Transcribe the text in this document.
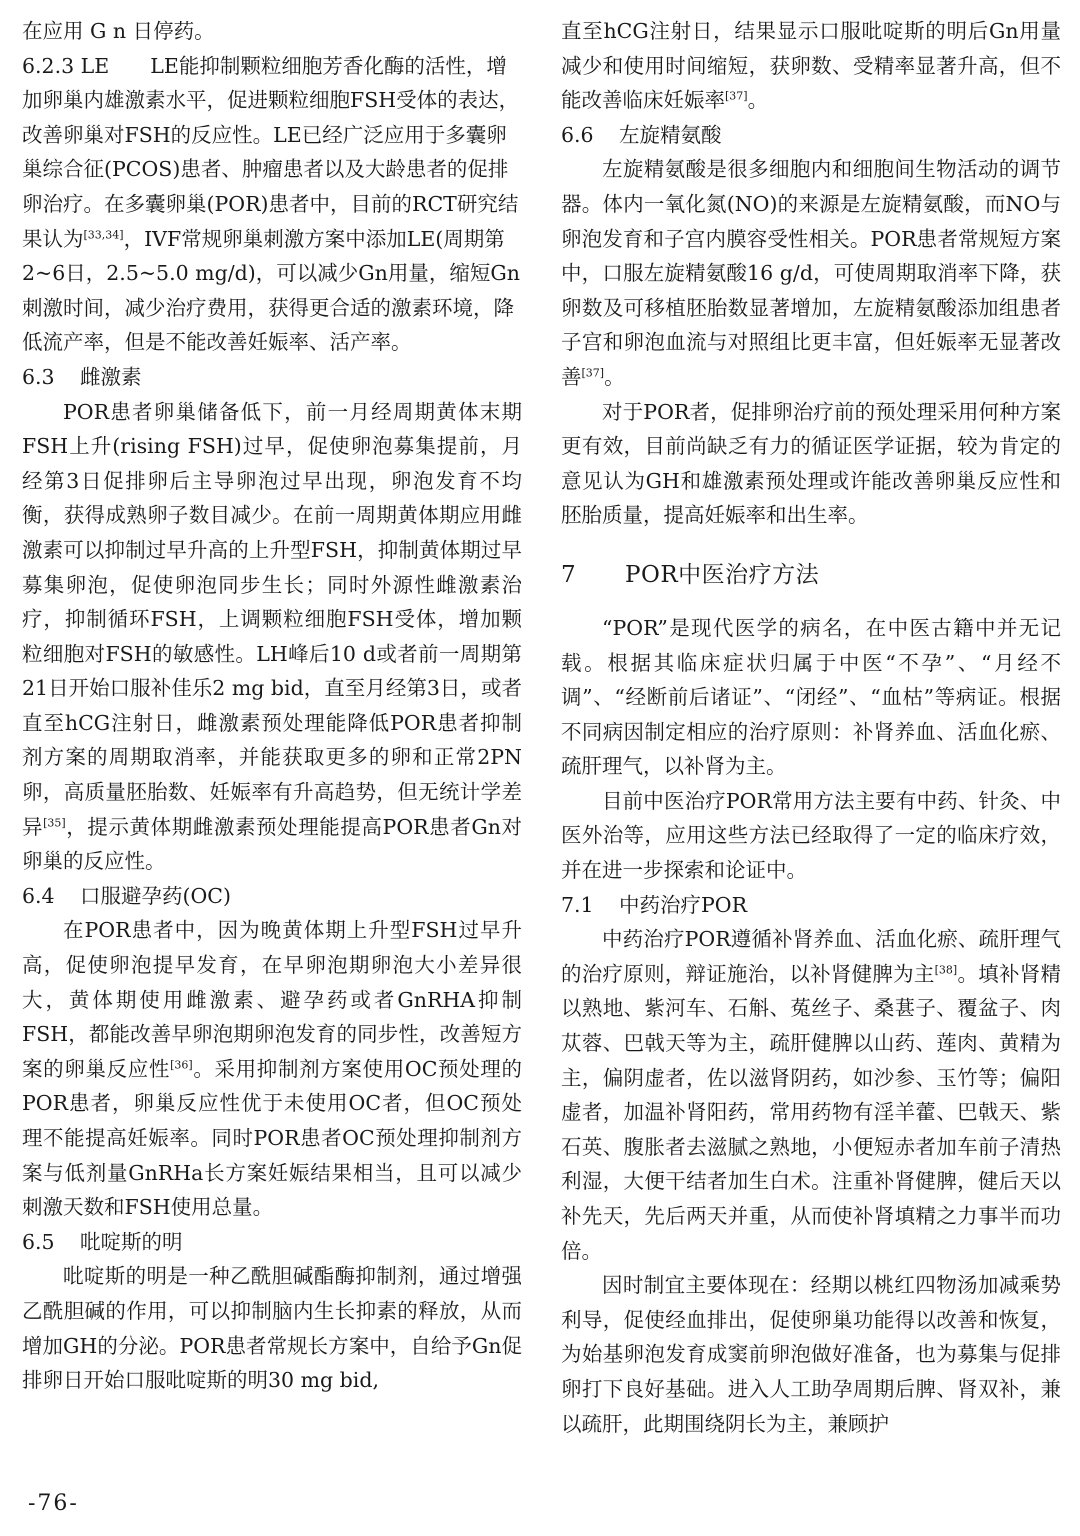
在应用 G n 日停药。

6.2.3 LE   LE能抑制颗粒细胞芳香化酶的活性，增加卵巢内雄激素水平，促进颗粒细胞FSH受体的表达，改善卵巢对FSH的反应性。LE已经广泛应用于多囊卵巢综合征(PCOS)患者、肿瘤患者以及大龄患者的促排卵治疗。在多囊卵巢(POR)患者中，目前的RCT研究结果认为[33,34]，IVF常规卵巢刺激方案中添加LE(周期第2~6日，2.5~5.0 mg/d)，可以减少Gn用量，缩短Gn刺激时间，减少治疗费用，获得更合适的激素环境，降低流产率，但是不能改善妊娠率、活产率。

6.3 雌激素

POR患者卵巢储备低下，前一月经周期黄体末期FSH上升(rising FSH)过早，促使卵泡募集提前，月经第3日促排卵后主导卵泡过早出现，卵泡发育不均衡，获得成熟卵子数目减少。在前一周期黄体期应用雌激素可以抑制过早升高的上升型FSH，抑制黄体期过早募集卵泡，促使卵泡同步生长；同时外源性雌激素治疗，抑制循环FSH，上调颗粒细胞FSH受体，增加颗粒细胞对FSH的敏感性。LH峰后10 d或者前一周期第21日开始口服补佳乐2 mg bid，直至月经第3日，或者直至hCG注射日，雌激素预处理能降低POR患者抑制剂方案的周期取消率，并能获取更多的卵和正常2PN卵，高质量胚胎数、妊娠率有升高趋势，但无统计学差异[35]，提示黄体期雌激素预处理能提高POR患者Gn对卵巢的反应性。

6.4 口服避孕药(OC)

在POR患者中，因为晚黄体期上升型FSH过早升高，促使卵泡提早发育，在早卵泡期卵泡大小差异很大，黄体期使用雌激素、避孕药或者GnRHA抑制FSH，都能改善早卵泡期卵泡发育的同步性，改善短方案的卵巢反应性[36]。采用抑制剂方案使用OC预处理的POR患者，卵巢反应性优于未使用OC者，但OC预处理不能提高妊娠率。同时POR患者OC预处理抑制剂方案与低剂量GnRHa长方案妊娠结果相当，且可以减少刺激天数和FSH使用总量。

6.5 吡啶斯的明

吡啶斯的明是一种乙酰胆碱酯酶抑制剂，通过增强乙酰胆碱的作用，可以抑制脑内生长抑素的释放，从而增加GH的分泌。POR患者常规长方案中，自给予Gn促排卵日开始口服吡啶斯的明30 mg bid,

直至hCG注射日，结果显示口服吡啶斯的明后Gn用量减少和使用时间缩短，获卵数、受精率显著升高，但不能改善临床妊娠率[37]。

6.6 左旋精氨酸

左旋精氨酸是很多细胞内和细胞间生物活动的调节器。体内一氧化氮(NO)的来源是左旋精氨酸，而NO与卵泡发育和子宫内膜容受性相关。POR患者常规短方案中，口服左旋精氨酸16 g/d，可使周期取消率下降，获卵数及可移植胚胎数显著增加，左旋精氨酸添加组患者子宫和卵泡血流与对照组比更丰富，但妊娠率无显著改善[37]。

对于POR者，促排卵治疗前的预处理采用何种方案更有效，目前尚缺乏有力的循证医学证据，较为肯定的意见认为GH和雄激素预处理或许能改善卵巢反应性和胚胎质量，提高妊娠率和出生率。

7 POR中医治疗方法

“POR”是现代医学的病名，在中医古籍中并无记载。根据其临床症状归属于中医“不孕”、“月经不调”、“经断前后诸证”、“闭经”、“血枯”等病证。根据不同病因制定相应的治疗原则：补肾养血、活血化瘀、疏肝理气，以补肾为主。

目前中医治疗POR常用方法主要有中药、针灸、中医外治等，应用这些方法已经取得了一定的临床疗效，并在进一步探索和论证中。

7.1 中药治疗POR

中药治疗POR遵循补肾养血、活血化瘀、疏肝理气的治疗原则，辩证施治，以补肾健脾为主[38]。填补肾精以熟地、紫河车、石斛、菟丝子、桑葚子、覆盆子、肉苁蓉、巴戟天等为主，疏肝健脾以山药、莲肉、黄精为主，偏阴虚者，佐以滋肾阴药，如沙参、玉竹等；偏阳虚者，加温补肾阳药，常用药物有淫羊藿、巴戟天、紫石英、腹胀者去滋腻之熟地，小便短赤者加车前子清热利湿，大便干结者加生白术。注重补肾健脾，健后天以补先天，先后两天并重，从而使补肾填精之力事半而功倍。

因时制宜主要体现在：经期以桃红四物汤加减乘势利导，促使经血排出，促使卵巢功能得以改善和恢复，为始基卵泡发育成窦前卵泡做好准备，也为募集与促排卵打下良好基础。进入人工助孕周期后脾、肾双补，兼以疏肝，此期围绕阴长为主，兼顾护

-76-
